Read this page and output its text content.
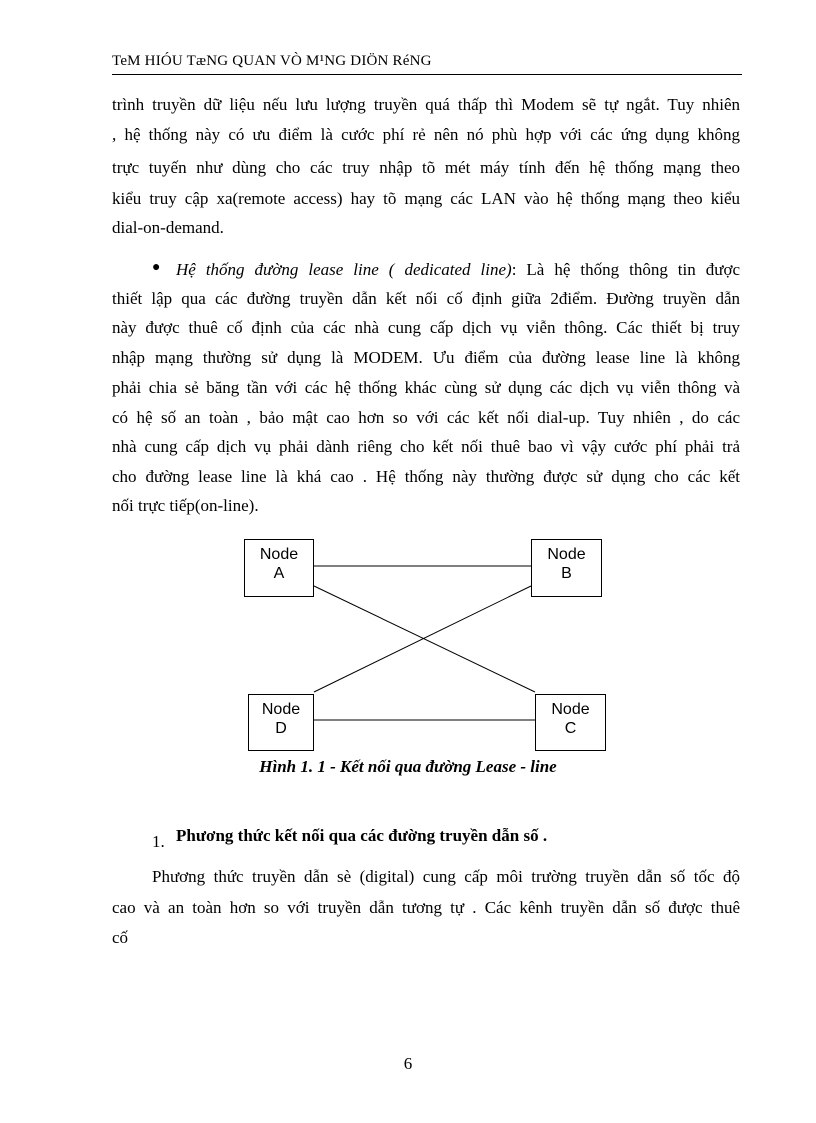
TeM HIÓU TæNG QUAN VÒ M¹NG DIÖN RéNG
trình truyền dữ liệu nếu lưu lượng truyền quá thấp thì Modem sẽ tự ngắt. Tuy nhiên
, hệ thống này có ưu điểm là cước phí rẻ nên nó phù hợp với các ứng dụng không
trực tuyến như dùng cho các truy nhập tõ mét máy tính đến hệ thống mạng theo
kiểu truy cập xa(remote access) hay tõ mạng các LAN vào hệ thống mạng theo kiểu
dial-on-demand.
● Hệ thống đường lease line ( dedicated line): Là hệ thống thông tin được
thiết lập qua các đường truyền dẫn kết nối cố định giữa 2điểm. Đường truyền dẫn
này được thuê cố định của các nhà cung cấp dịch vụ viễn thông. Các thiết bị truy
nhập mạng thường sử dụng là MODEM. Ưu điểm của đường lease line là không
phải chia sẻ băng tần với các hệ thống khác cùng sử dụng các dịch vụ viễn thông và
có hệ số an toàn , bảo mật cao hơn so với các kết nối dial-up. Tuy nhiên , do các
nhà cung cấp dịch vụ phải dành riêng cho kết nối thuê bao vì vậy cước phí phải trả
cho đường lease line là khá cao . Hệ thống này thường được sử dụng cho các kết
nối trực tiếp(on-line).
Node
A
Node
B
Node
D
Node
C
Hình 1. 1 - Kết nối qua đường Lease - line
1. Phương thức kết nối qua các đường truyền dẫn số .
Phương thức truyền dẫn sè (digital) cung cấp môi trường truyền dẫn số tốc độ
cao và an toàn hơn so với truyền dẫn tương tự . Các kênh truyền dẫn số được thuê
cố
6
